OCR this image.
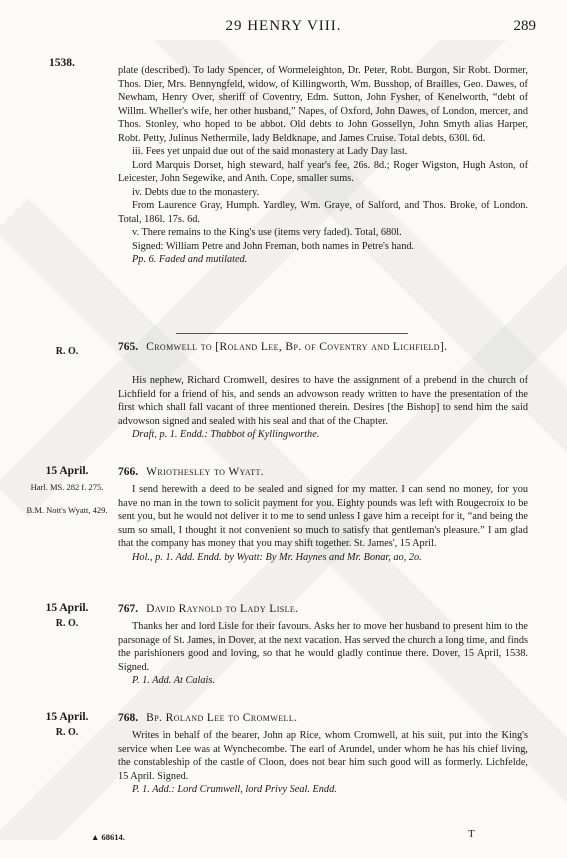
29 HENRY VIII.	289
1538.

plate (described). To lady Spencer, of Wormeleighton, Dr. Peter, Robt. Burgon, Sir Robt. Dormer, Thos. Dier, Mrs. Bennyngfeld, widow, of Killingworth, Wm. Busshop, of Brailles, Geo. Dawes, of Newham, Henry Over, sheriff of Coventry, Edm. Sutton, John Fysher, of Kenelworth, “debt of Willm. Wheller's wife, her other husband,” Napes, of Oxford, John Dawes, of London, mercer, and Thos. Stonley, who hoped to be abbot. Old debts to John Gossellyn, John Smyth alias Harper, Robt. Petty, Julinus Nethermile, lady Beldknape, and James Cruise. Total debts, 630l. 6d.

iii. Fees yet unpaid due out of the said monastery at Lady Day last.

Lord Marquis Dorset, high steward, half year's fee, 26s. 8d.; Roger Wigston, Hugh Aston, of Leicester, John Segewike, and Anth. Cope, smaller sums.

iv. Debts due to the monastery.

From Laurence Gray, Humph. Yardley, Wm. Graye, of Salford, and Thos. Broke, of London. Total, 186l. 17s. 6d.

v. There remains to the King's use (items very faded). Total, 680l.

Signed: William Petre and John Freman, both names in Petre's hand.

Pp. 6. Faded and mutilated.

R. O.	765. Cromwell to [Roland Lee, Bp. of Coventry and Lichfield].

His nephew, Richard Cromwell, desires to have the assignment of a prebend in the church of Lichfield for a friend of his, and sends an advowson ready written to have the presentation of the first which shall fall vacant of three mentioned therein. Desires [the Bishop] to send him the said advowson signed and sealed with his seal and that of the Chapter.

Draft, p. 1. Endd.: Thabbot of Kyllingworthe.

15 April.
Harl. MS. 282 f. 275.
B.M. Nott's Wyatt, 429.
766. Wriothesley to Wyatt.

I send herewith a deed to be sealed and signed for my matter. I can send no money, for you have no man in the town to solicit payment for you. Eighty pounds was left with Rougecroix to be sent you, but he would not deliver it to me to send unless I gave him a receipt for it, “and being the sum so small, I thought it not convenient so much to satisfy that gentleman's pleasure.” I am glad that the company has money that you may shift together. St. James', 15 April.

Hol., p. 1. Add. Endd. by Wyatt: By Mr. Haynes and Mr. Bonar, ao, 2o.

15 April.
R. O.
767. David Raynold to Lady Lisle.

Thanks her and lord Lisle for their favours. Asks her to move her husband to present him to the parsonage of St. James, in Dover, at the next vacation. Has served the church a long time, and finds the parishioners good and loving, so that he would gladly continue there. Dover, 15 April, 1538. Signed.

P. 1. Add. At Calais.

15 April.
R. O.
768. Bp. Roland Lee to Cromwell.

Writes in behalf of the bearer, John ap Rice, whom Cromwell, at his suit, put into the King's service when Lee was at Wynchecombe. The earl of Arundel, under whom he has his chief living, the constableship of the castle of Cloon, does not bear him such good will as formerly. Lichfelde, 15 April. Signed.

P. 1. Add.: Lord Crumwell, lord Privy Seal. Endd.

▲ 68614.	T
